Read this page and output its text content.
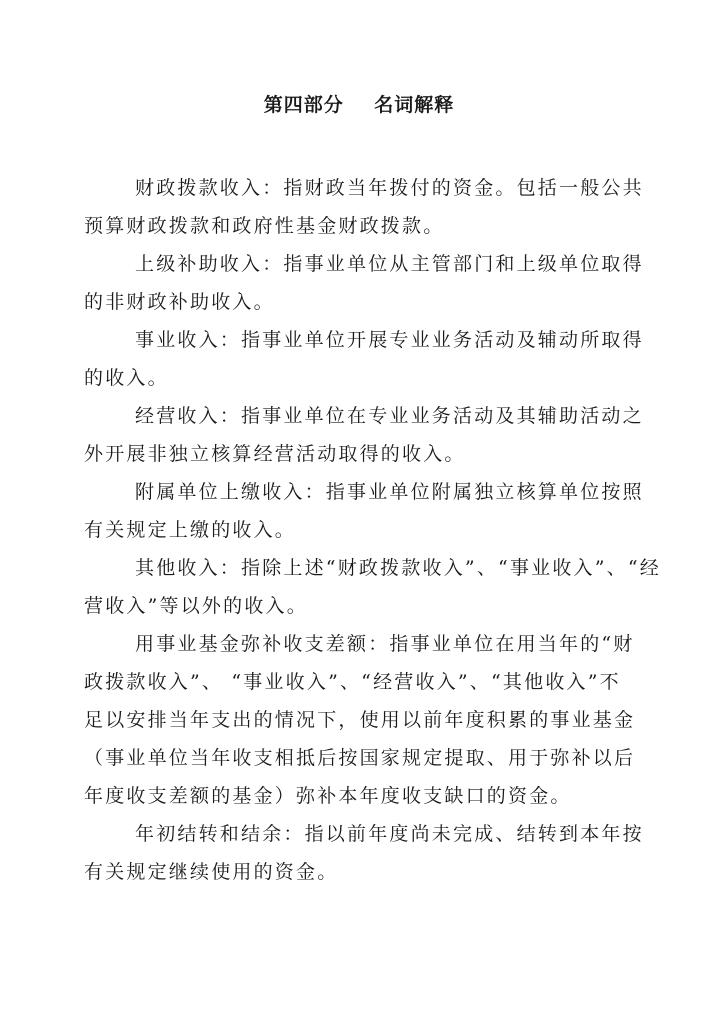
第四部分    名词解释
财政拨款收入：指财政当年拨付的资金。包括一般公共
预算财政拨款和政府性基金财政拨款。
上级补助收入：指事业单位从主管部门和上级单位取得
的非财政补助收入。
事业收入：指事业单位开展专业业务活动及辅动所取得
的收入。
经营收入：指事业单位在专业业务活动及其辅助活动之
外开展非独立核算经营活动取得的收入。
附属单位上缴收入：指事业单位附属独立核算单位按照
有关规定上缴的收入。
其他收入：指除上述“财政拨款收入”、“事业收入”、“经
营收入”等以外的收入。
用事业基金弥补收支差额：指事业单位在用当年的“财
政拨款收入”、 “事业收入”、“经营收入”、“其他收入”不
足以安排当年支出的情况下，使用以前年度积累的事业基金
（事业单位当年收支相抵后按国家规定提取、用于弥补以后
年度收支差额的基金）弥补本年度收支缺口的资金。
年初结转和结余：指以前年度尚未完成、结转到本年按
有关规定继续使用的资金。
